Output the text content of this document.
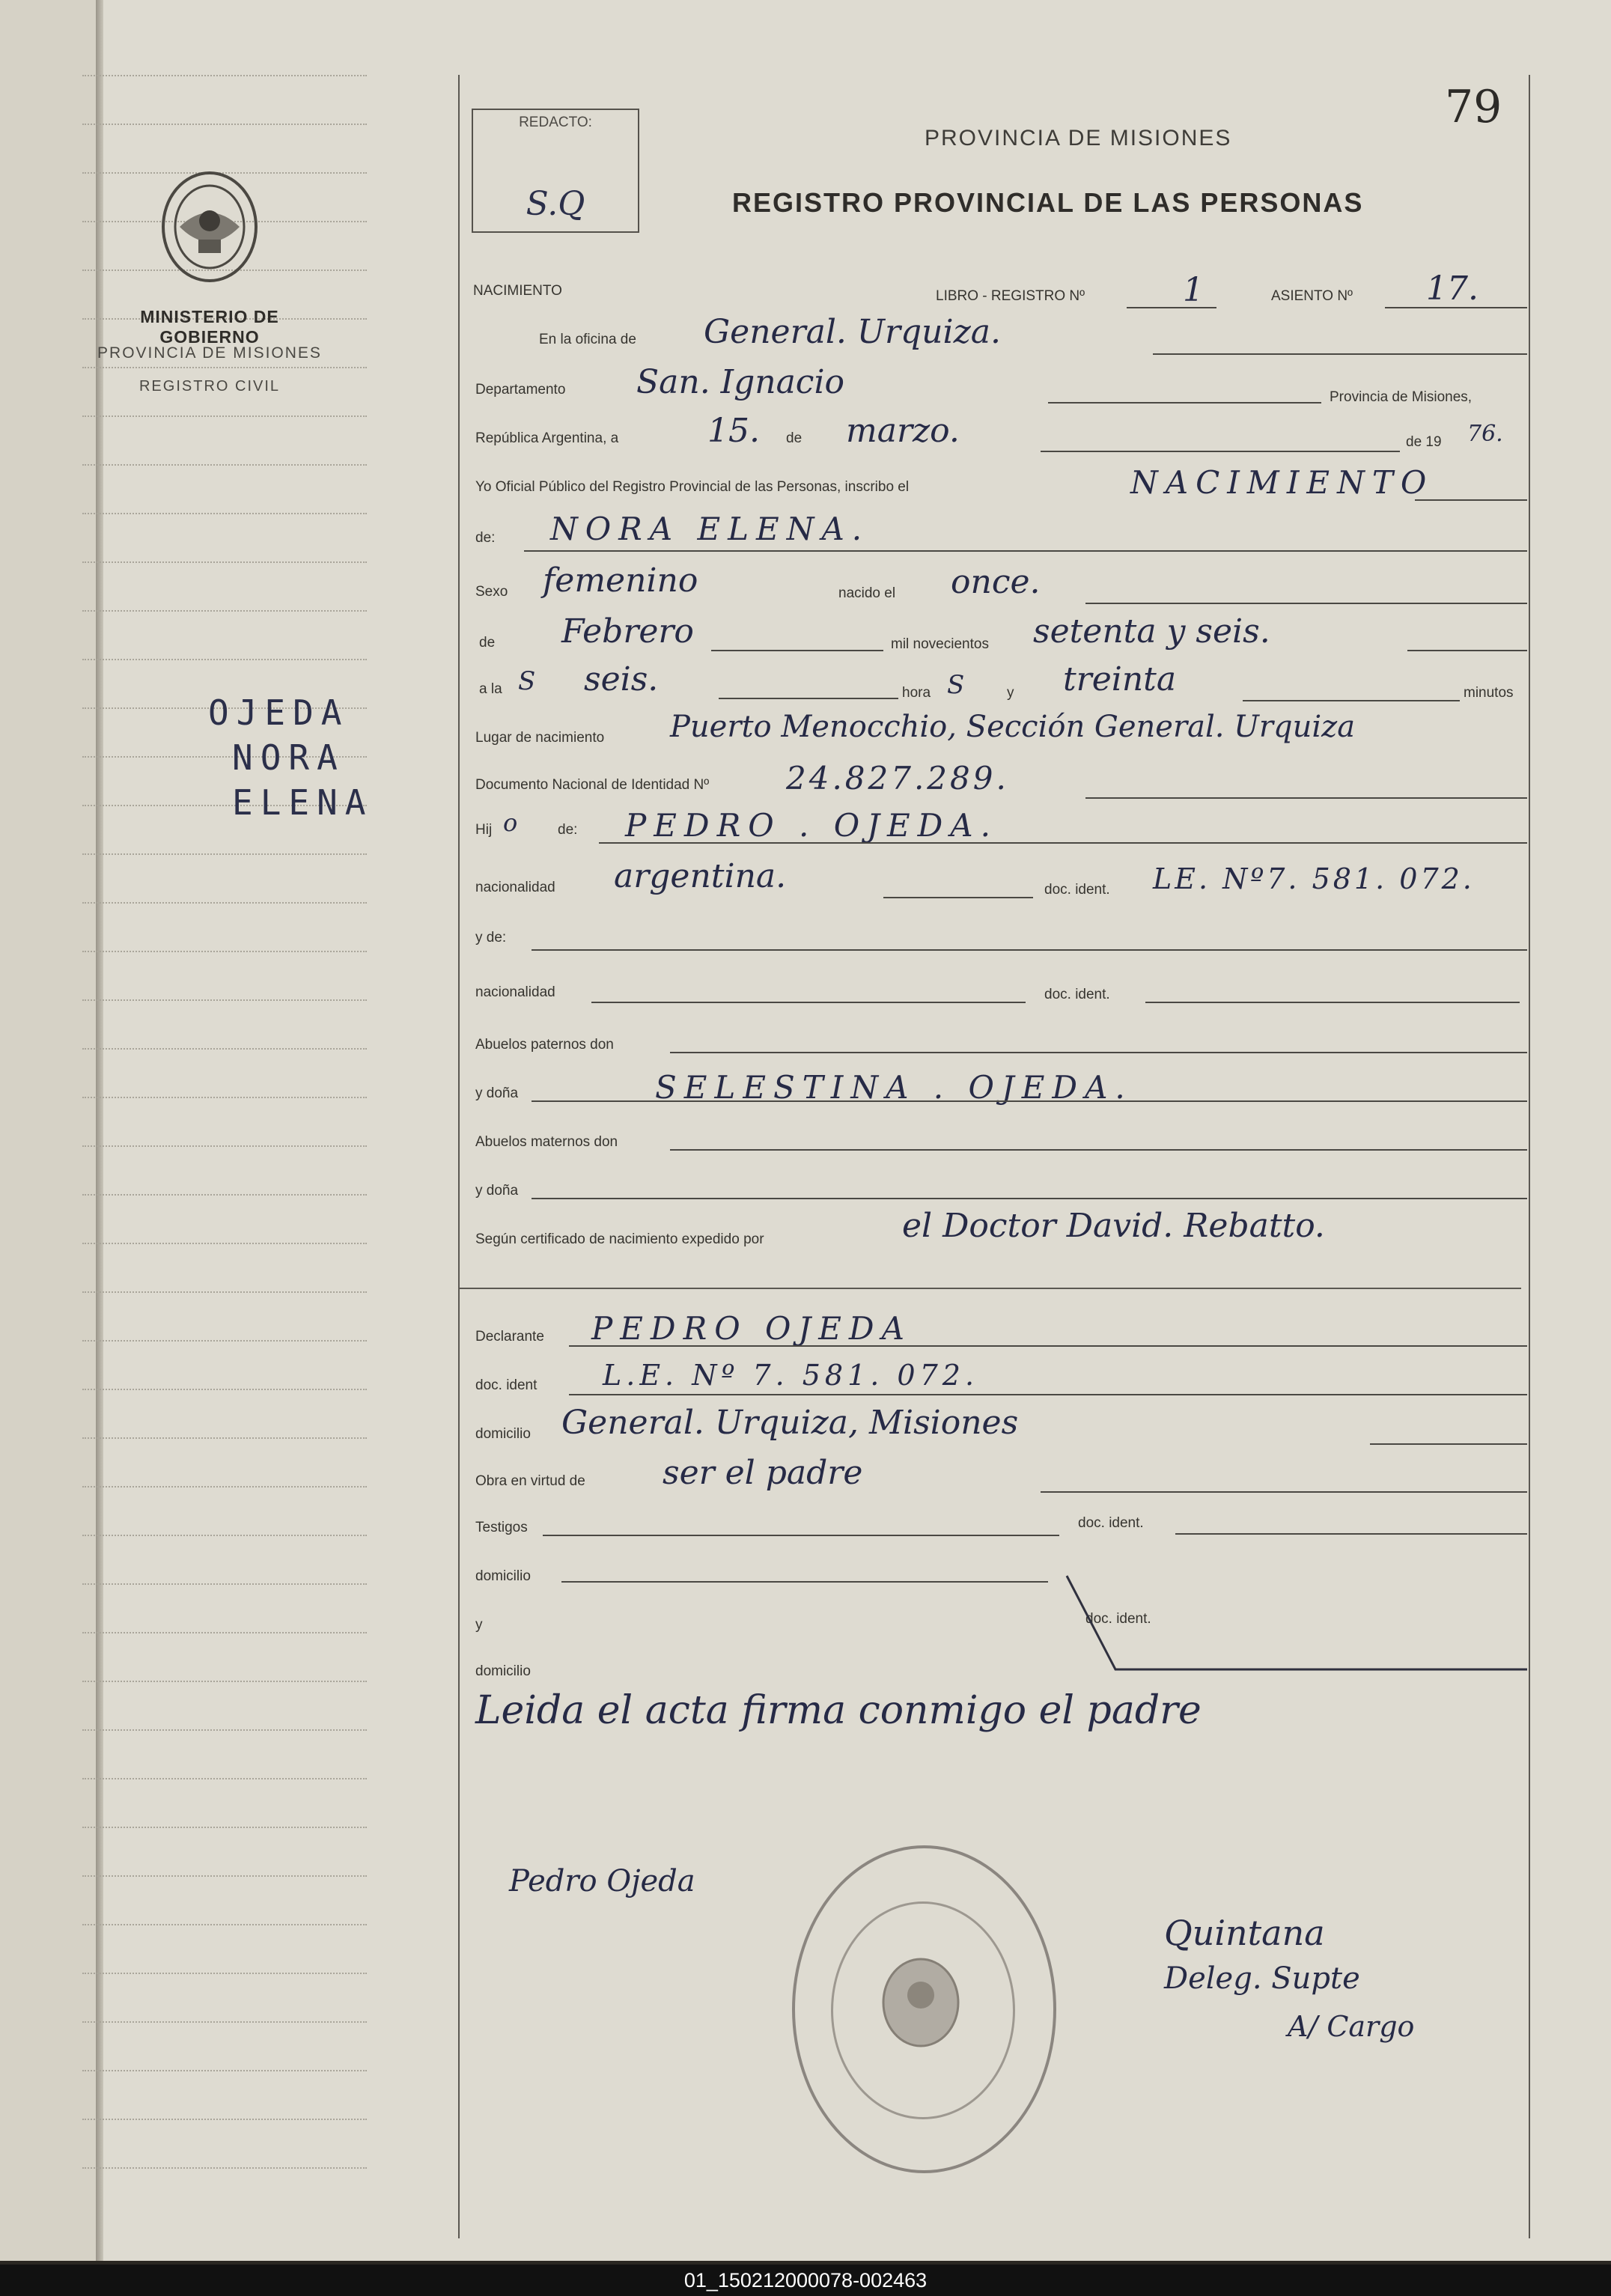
MINISTERIO DE GOBIERNO
PROVINCIA DE MISIONES
REGISTRO CIVIL
OJEDA
NORA
ELENA
REDACTO:
S.Q
79
PROVINCIA DE MISIONES
REGISTRO PROVINCIAL DE LAS PERSONAS
NACIMIENTO	LIBRO - REGISTRO Nº	1	ASIENTO Nº 17.
En la oficina de General. Urquiza.
Departamento San. Ignacio	Provincia de Misiones,
República Argentina, a	15. de marzo.	de 19 76.
Yo Oficial Público del Registro Provincial de las Personas, inscribo el	NACIMIENTO
de: NORA ELENA.
Sexo femenino	nacido el once.
de Febrero	mil novecientos setenta y seis.
a la S seis.	hora S	y treinta	minutos
Lugar de nacimiento Puerto Menocchio, Sección General. Urquiza
Documento Nacional de Identidad Nº 24.827.289.
Hij o	de: PEDRO . OJEDA.
nacionalidad argentina.	doc. ident. LE. Nº7. 581. 072.
y de:
nacionalidad	doc. ident.
Abuelos paternos don
y doña	SELESTINA . OJEDA.
Abuelos maternos don
y doña
Según certificado de nacimiento expedido por	el Doctor David. Rebatto.
Declarante PEDRO OJEDA
doc. ident L.E. Nº 7. 581. 072.
domicilio General. Urquiza, Misiones
Obra en virtud de ser el padre
Testigos	doc. ident.
domicilio
y	doc. ident.
domicilio
Leida el acta firma conmigo el padre
Pedro Ojeda
Quintana
Deleg. Supte
A/ Cargo
01_150212000078-002463
